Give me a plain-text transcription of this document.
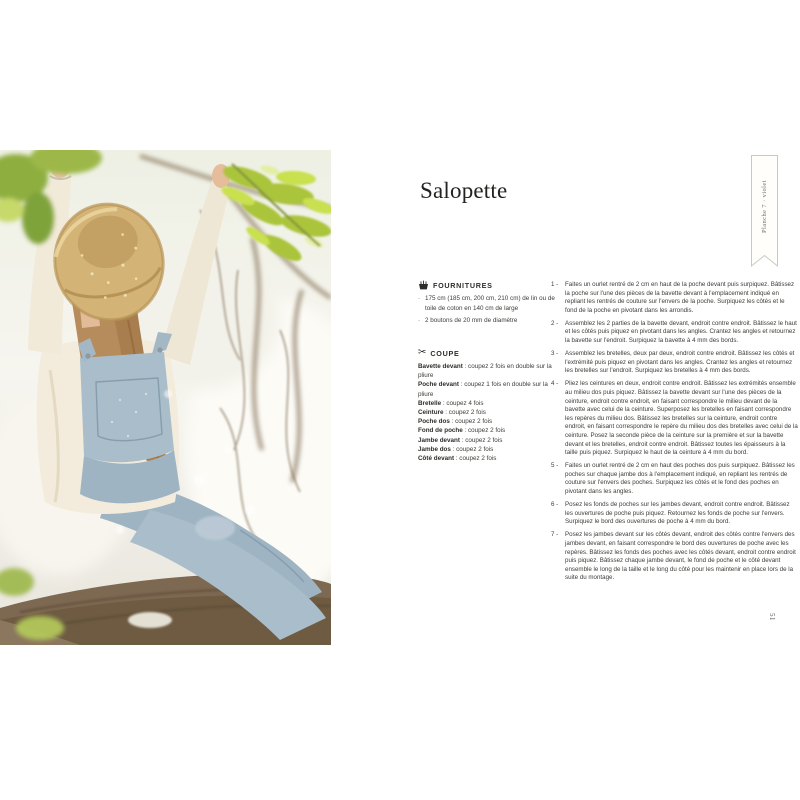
Salopette	Planche 7 · violet
FOURNITURES
· 175 cm (185 cm, 200 cm, 210 cm) de lin ou de toile de coton en 140 cm de large
· 2 boutons de 20 mm de diamètre
✂ COUPE
Bavette devant : coupez 2 fois en double sur la pliure
Poche devant : coupez 1 fois en double sur la pliure
Bretelle : coupez 4 fois
Ceinture : coupez 2 fois
Poche dos : coupez 2 fois
Fond de poche : coupez 2 fois
Jambe devant : coupez 2 fois
Jambe dos : coupez 2 fois
Côté devant : coupez 2 fois
1 -	Faites un ourlet rentré de 2 cm en haut de la poche devant puis surpiquez. Bâtissez la poche sur l'une des pièces de la bavette devant à l'emplacement indiqué en repliant les rentrés de couture sur l'envers de la poche. Surpiquez les côtés et le fond de la poche en pivotant dans les arrondis.

2 -	Assemblez les 2 parties de la bavette devant, endroit contre endroit. Bâtissez le haut et les côtés puis piquez en pivotant dans les angles. Crantez les angles et retournez la bavette sur l'endroit. Surpiquez la bavette à 4 mm des bords.

3 -	Assemblez les bretelles, deux par deux, endroit contre endroit. Bâtissez les côtés et l'extrémité puis piquez en pivotant dans les angles. Crantez les angles et retournez les bretelles sur l'endroit. Surpiquez les bretelles à 4 mm des bords.

4 -	Pliez les ceintures en deux, endroit contre endroit. Bâtissez les extrémités ensemble au milieu dos puis piquez. Bâtissez la bavette devant sur l'une des pièces de la ceinture, endroit contre endroit, en faisant correspondre le milieu devant de la bavette avec celui de la ceinture. Superposez les bretelles en faisant correspondre les repères du milieu dos. Bâtissez les bretelles sur la ceinture, endroit contre endroit, en faisant correspondre le repère du milieu dos des bretelles avec celui de la ceinture. Posez la seconde pièce de la ceinture sur la première et sur la bavette devant et les bretelles, endroit contre endroit. Bâtissez toutes les épaisseurs à la taille puis piquez. Surpiquez le haut de la ceinture à 4 mm du bord.

5 -	Faites un ourlet rentré de 2 cm en haut des poches dos puis surpiquez. Bâtissez les poches sur chaque jambe dos à l'emplacement indiqué, en repliant les rentrés de couture sur l'envers des poches. Surpiquez les côtés et le fond des poches en pivotant dans les angles.

6 -	Posez les fonds de poches sur les jambes devant, endroit contre endroit. Bâtissez les ouvertures de poche puis piquez. Retournez les fonds de poche sur l'envers. Surpiquez le bord des ouvertures de poche à 4 mm du bord.

7 -	Posez les jambes devant sur les côtés devant, endroit des côtés contre l'envers des jambes devant, en faisant correspondre le bord des ouvertures de poche avec les repères. Bâtissez les fonds des poches avec les côtés devant, endroit contre endroit puis piquez. Bâtissez chaque jambe devant, le fond de poche et le côté devant ensemble le long de la taille et le long du côté pour les maintenir en place lors de la suite du montage.

51
